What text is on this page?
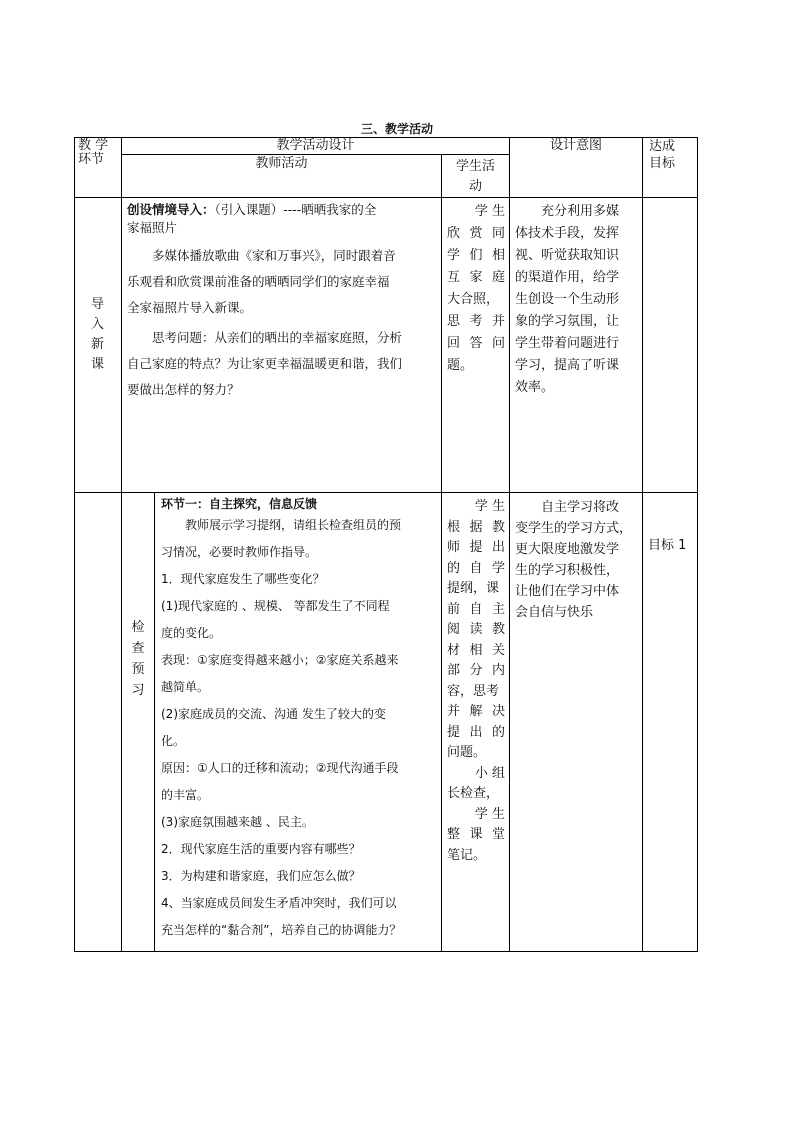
三、教学活动
教 学
环节
教学活动设计
教师活动	学生活
动
设计意图	达成
目标
导
入
新
课
创设情境导入：（引入课题）----晒晒我家的全
家福照片
多媒体播放歌曲《家和万事兴》，同时跟着音
乐观看和欣赏课前准备的晒晒同学们的家庭幸福
全家福照片导入新课。
思考问题：从亲们的晒出的幸福家庭照，分析
自己家庭的特点？为让家更幸福温暖更和谐，我们
要做出怎样的努力？
学 生
欣 赏 同
学 们 相
互 家 庭
大合照，
思 考 并
回 答 问
题。
充分利用多媒
体技术手段，发挥
视、听觉获取知识
的渠道作用，给学
生创设一个生动形
象的学习氛围，让
学生带着问题进行
学习，提高了听课
效率。
检
查
预
习
环节一：自主探究，信息反馈
教师展示学习提纲，请组长检查组员的预
习情况，必要时教师作指导。
1．现代家庭发生了哪些变化？
(1)现代家庭的 、规模、 等都发生了不同程
度的变化。
表现：①家庭变得越来越小；②家庭关系越来
越简单。
(2)家庭成员的交流、沟通 发生了较大的变
化。
原因：①人口的迁移和流动；②现代沟通手段
的丰富。
(3)家庭氛围越来越 、民主。
2．现代家庭生活的重要内容有哪些？
3．为构建和谐家庭，我们应怎么做？
4、当家庭成员间发生矛盾冲突时，我们可以
充当怎样的“黏合剂”，培养自己的协调能力？
学 生
根 据 教
师 提 出
的 自 学
提纲，课
前 自 主
阅 读 教
材 相 关
部 分 内
容，思考
并 解 决
提 出 的
问题。
小 组
长检查，
学 生
整 课 堂
笔记。
自主学习将改
变学生的学习方式，
更大限度地激发学
生的学习积极性，
让他们在学习中体
会自信与快乐
目标 1
